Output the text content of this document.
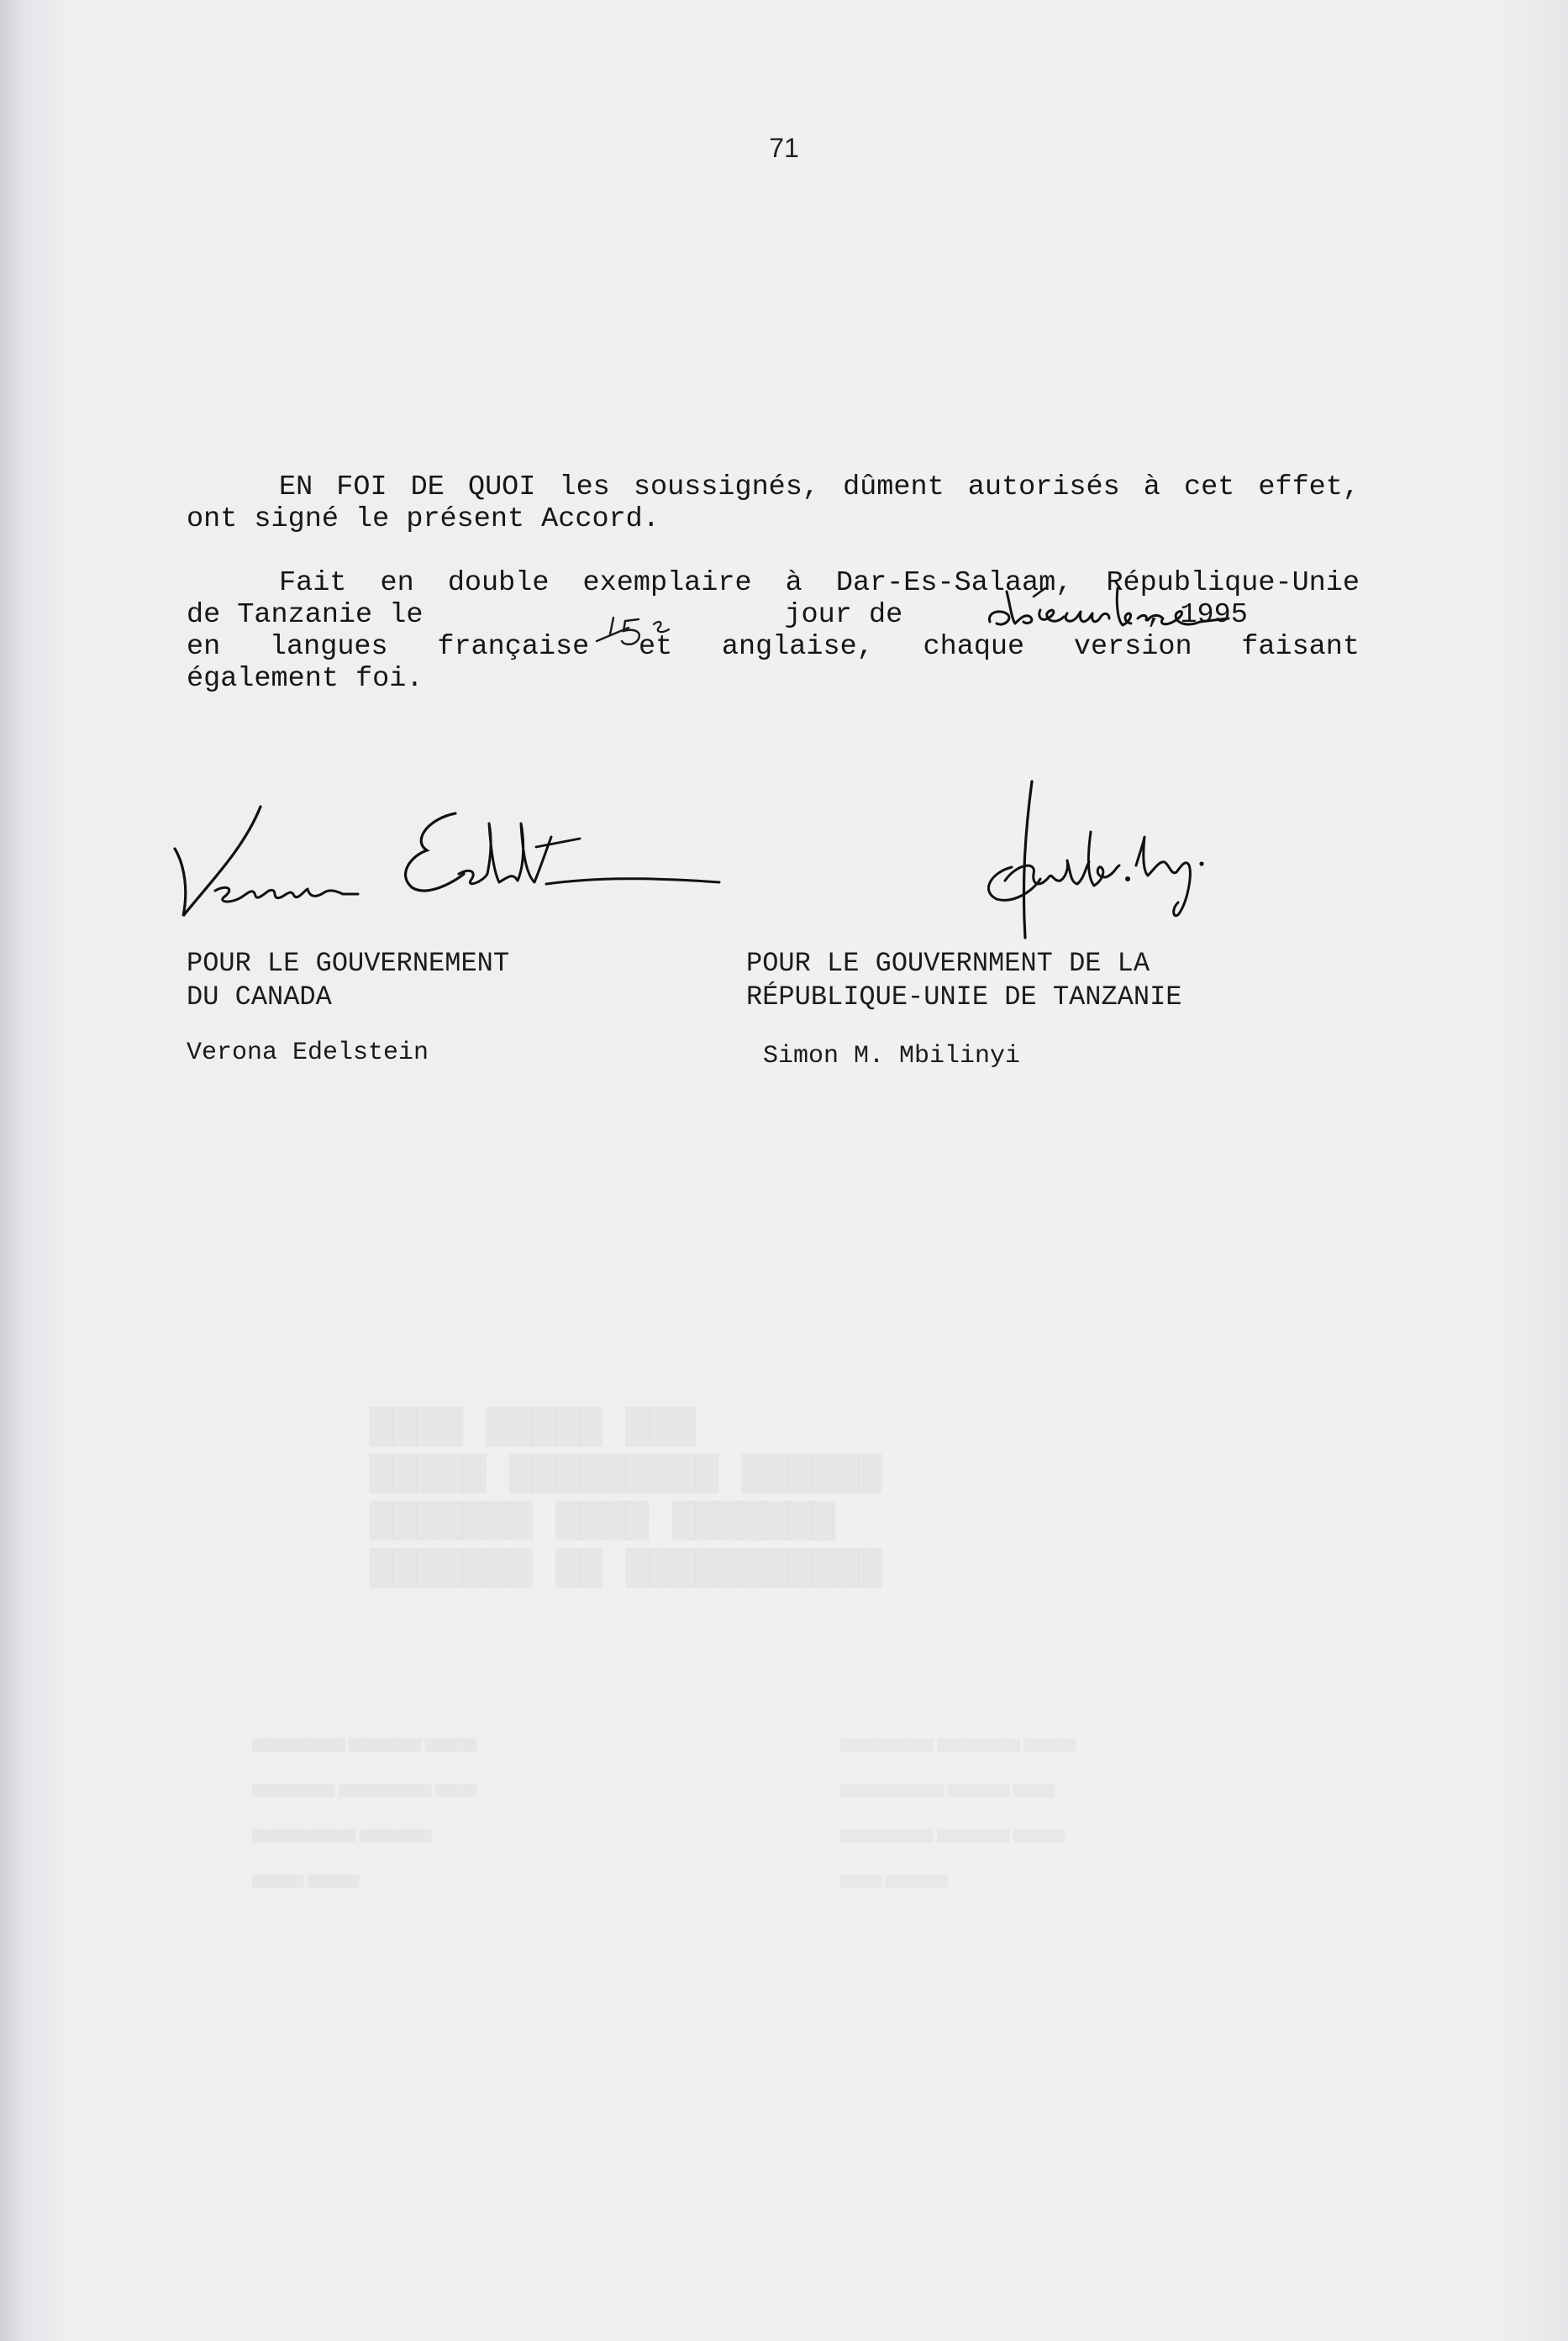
71
EN FOI DE QUOI les soussignés, dûment autorisés à cet effet,
ont signé le présent Accord.
Fait en double exemplaire à Dar-Es-Salaam, République-Unie
de Tanzanie le	jour de	, 1995
en langues française et anglaise, chaque version faisant
également foi.
POUR LE GOUVERNEMENT
DU CANADA
POUR LE GOUVERNMENT DE LA
RÉPUBLIQUE-UNIE DE TANZANIE
Verona Edelstein	Simon M. Mbilinyi
